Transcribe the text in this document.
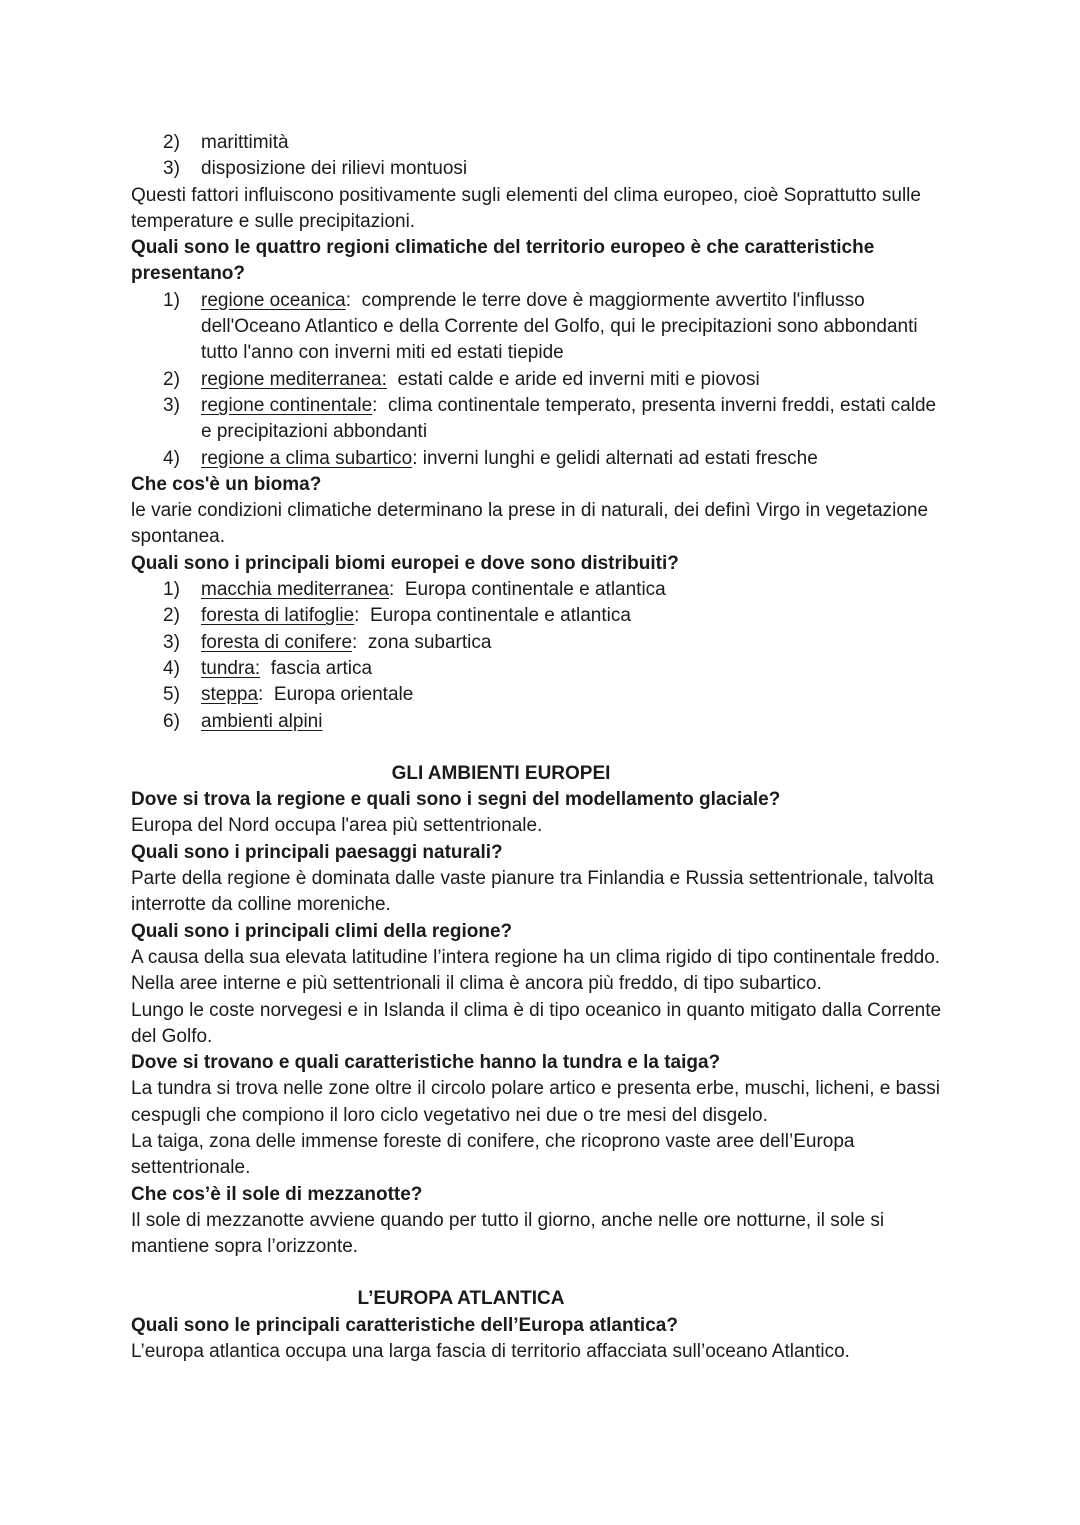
2)	marittimità
3)	disposizione dei rilievi montuosi

Questi fattori influiscono positivamente sugli elementi del clima europeo, cioè Soprattutto sulle temperature e sulle precipitazioni.

Quali sono le quattro regioni climatiche del territorio europeo è che caratteristiche presentano?

1)	regione oceanica:  comprende le terre dove è maggiormente avvertito l'influsso dell'Oceano Atlantico e della Corrente del Golfo, qui le precipitazioni sono abbondanti tutto l'anno con inverni miti ed estati tiepide
2)	regione mediterranea: estati calde e aride ed inverni miti e piovosi
3)	regione continentale:  clima continentale temperato, presenta inverni freddi, estati calde e precipitazioni abbondanti
4)	regione a clima subartico: inverni lunghi e gelidi alternati ad estati fresche

Che cos'è un bioma?

le varie condizioni climatiche determinano la prese in di naturali, dei definì Virgo in vegetazione spontanea.

Quali sono i principali biomi europei e dove sono distribuiti?

1)	macchia mediterranea:  Europa continentale e atlantica
2)	foresta di latifoglie:  Europa continentale e atlantica
3)	foresta di conifere:  zona subartica
4)	tundra: fascia artica
5)	steppa:  Europa orientale
6)	ambienti alpini

GLI AMBIENTI EUROPEI

Dove si trova la regione e quali sono i segni del modellamento glaciale?

Europa del Nord occupa l'area più settentrionale.

Quali sono i principali paesaggi naturali?

Parte della regione è dominata dalle vaste pianure tra Finlandia e Russia settentrionale, talvolta interrotte da colline moreniche.

Quali sono i principali climi della regione?

A causa della sua elevata latitudine l’intera regione ha un clima rigido di tipo continentale freddo.

Nella aree interne e più settentrionali il clima è ancora più freddo, di tipo subartico.

Lungo le coste norvegesi e in Islanda il clima è di tipo oceanico in quanto mitigato dalla Corrente del Golfo.

Dove si trovano e quali caratteristiche hanno la tundra e la taiga?

La tundra si trova nelle zone oltre il circolo polare artico e presenta erbe, muschi, licheni, e bassi cespugli che compiono il loro ciclo vegetativo nei due o tre mesi del disgelo.

La taiga, zona delle immense foreste di conifere, che ricoprono vaste aree dell’Europa settentrionale.

Che cos’è il sole di mezzanotte?

Il sole di mezzanotte avviene quando per tutto il giorno, anche nelle ore notturne, il sole si mantiene sopra l’orizzonte.

L’EUROPA ATLANTICA

Quali sono le principali caratteristiche dell’Europa atlantica?

L’europa atlantica occupa una larga fascia di territorio affacciata sull’oceano Atlantico.
